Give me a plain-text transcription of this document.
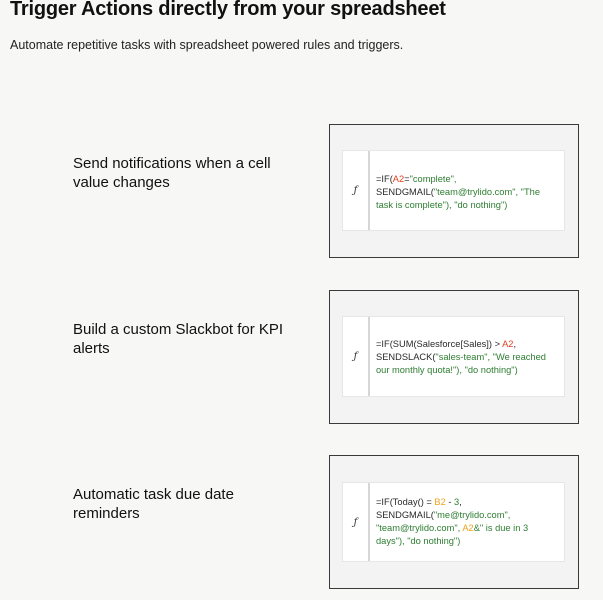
Trigger Actions directly from your spreadsheet
Automate repetitive tasks with spreadsheet powered rules and triggers.
Send notifications when a cell
value changes	ƒ
=IF(A2="complete",
SENDGMAIL("team@trylido.com", "The
task is complete"), "do nothing")
Build a custom Slackbot for KPI
alerts	ƒ
=IF(SUM(Salesforce[Sales]) > A2,
SENDSLACK("sales-team", "We reached
our monthly quota!"), "do nothing")
Automatic task due date
reminders	ƒ
=IF(Today() = B2 - 3,
SENDGMAIL("me@trylido.com",
"team@trylido.com", A2&" is due in 3
days"), "do nothing")
